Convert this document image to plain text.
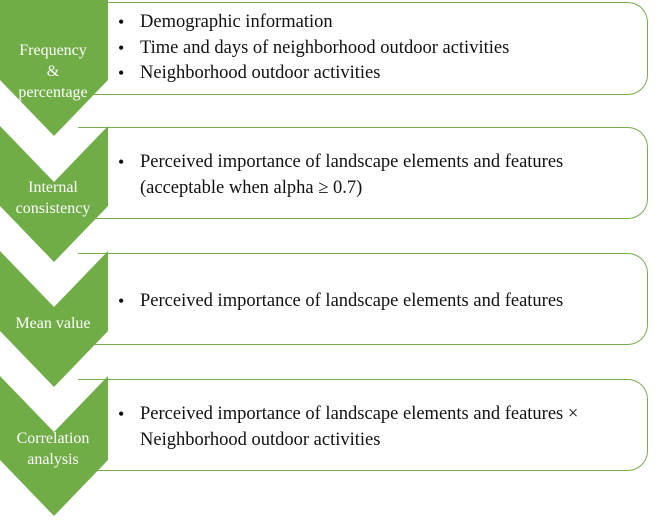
• Demographic information
• Time and days of neighborhood outdoor activities
• Neighborhood outdoor activities
Frequency
&
percentage
• Perceived importance of landscape elements and features (acceptable when alpha ≥ 0.7)
Internal
consistency
• Perceived importance of landscape elements and features
Mean value
• Perceived importance of landscape elements and features × Neighborhood outdoor activities
Correlation
analysis
